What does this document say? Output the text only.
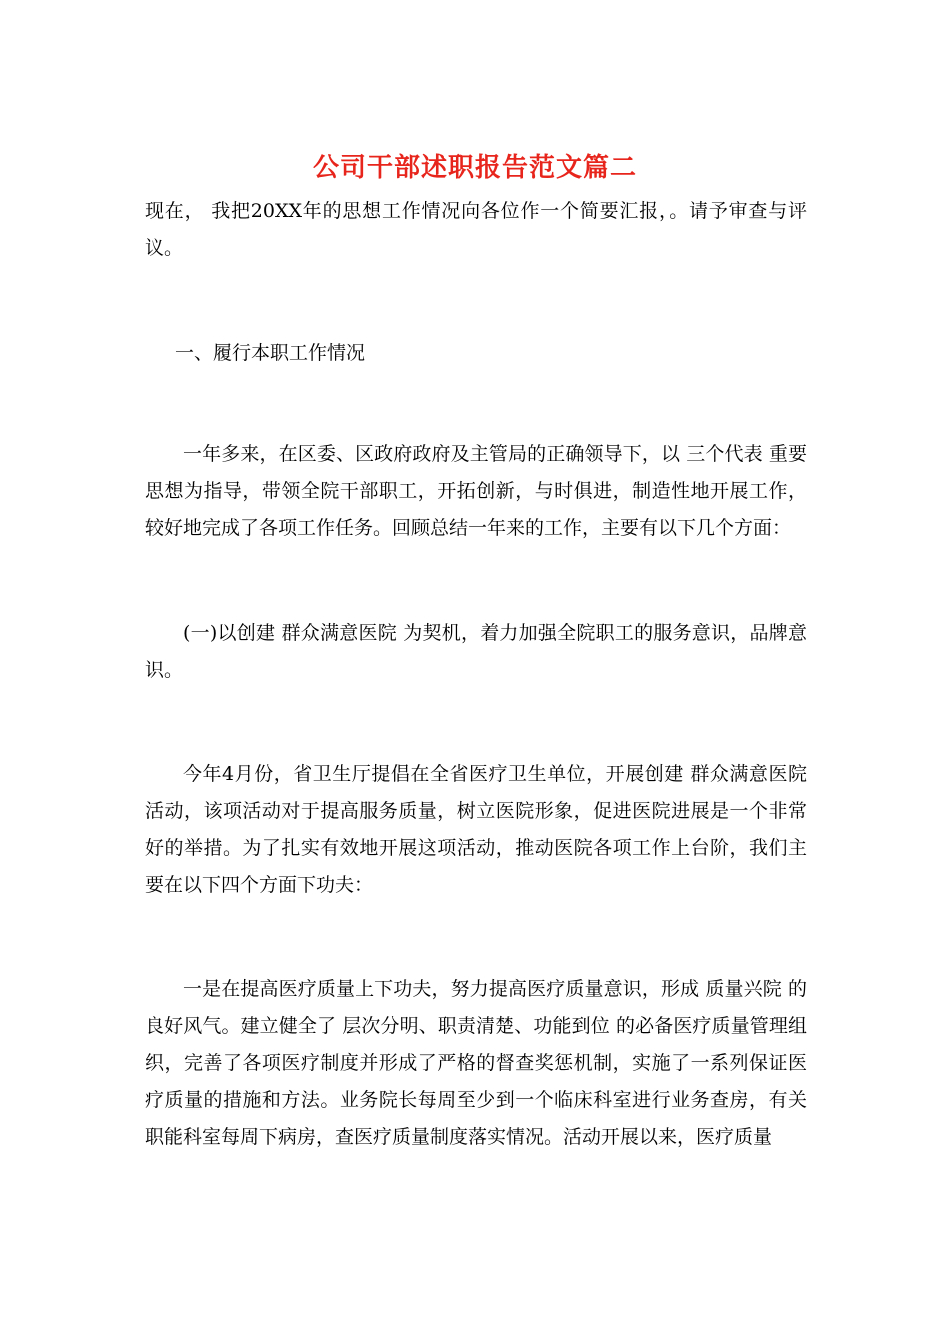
公司干部述职报告范文篇二

现在， 我把20XX年的思想工作情况向各位作一个简要汇报，。请予审查与评议。

一、履行本职工作情况

一年多来，在区委、区政府政府及主管局的正确领导下，以 三个代表 重要思想为指导，带领全院干部职工，开拓创新，与时俱进，制造性地开展工作，较好地完成了各项工作任务。回顾总结一年来的工作，主要有以下几个方面：

(一)以创建 群众满意医院 为契机，着力加强全院职工的服务意识，品牌意识。

今年4月份，省卫生厅提倡在全省医疗卫生单位，开展创建 群众满意医院 活动，该项活动对于提高服务质量，树立医院形象，促进医院进展是一个非常好的举措。为了扎实有效地开展这项活动，推动医院各项工作上台阶，我们主要在以下四个方面下功夫：

一是在提高医疗质量上下功夫，努力提高医疗质量意识，形成 质量兴院 的良好风气。建立健全了 层次分明、职责清楚、功能到位 的必备医疗质量管理组织，完善了各项医疗制度并形成了严格的督查奖惩机制，实施了一系列保证医疗质量的措施和方法。业务院长每周至少到一个临床科室进行业务查房，有关职能科室每周下病房，查医疗质量制度落实情况。活动开展以来，医疗质量
